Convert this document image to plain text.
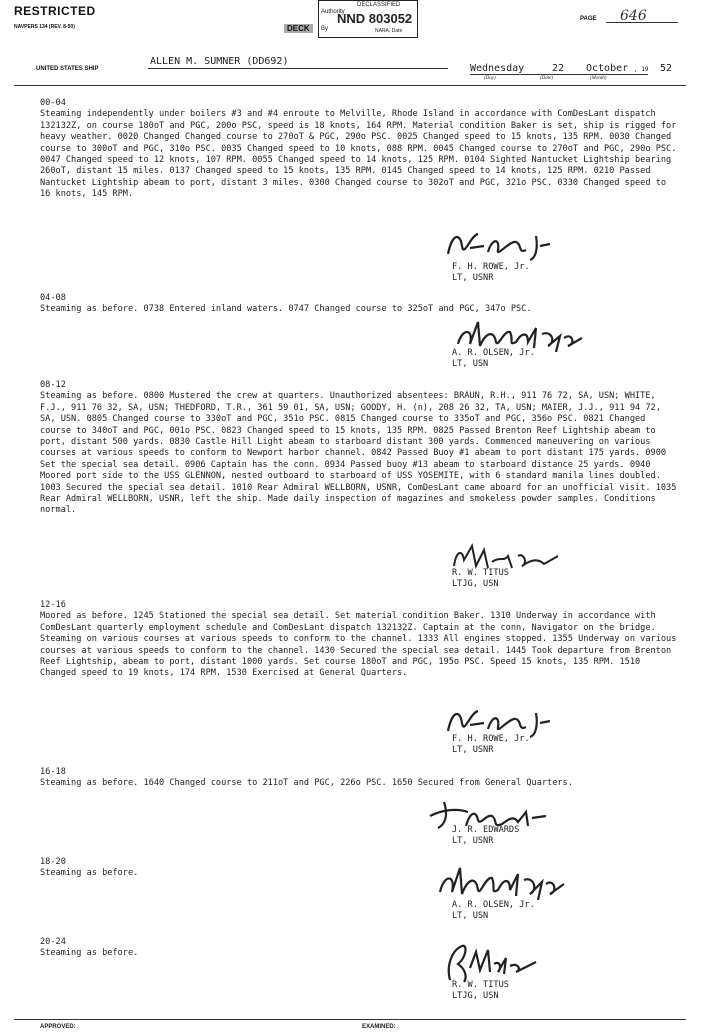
RESTRICTED
NAVPERS 134 (REV. 8-50)	DECK
DECLASSIFIED
Authority
NND 803052
By	NARA, Date
PAGE 646
UNITED STATES SHIP
ALLEN M. SUMNER (DD692)
Wednesday	22 October , 19 52
(Day)	(Date)	(Month)
00-04
Steaming independently under boilers #3 and #4 enroute to Melville, Rhode Island in accordance with ComDesLant dispatch 132132Z, on course 180oT and PGC, 200o PSC, speed is 18 knots, 164 RPM. Material condition Baker is set, ship is rigged for heavy weather. 0020 Changed Changed course to 270oT & PGC, 290o PSC. 0025 Changed speed to 15 knots, 135 RPM. 0030 Changed course to 300oT and PGC, 310o PSC. 0035 Changed speed to 10 knots, 088 RPM. 0045 Changed course to 270oT and PGC, 290o PSC. 0047 Changed speed to 12 knots, 107 RPM. 0055 Changed speed to 14 knots, 125 RPM. 0104 Sighted Nantucket Lightship bearing 260oT, distant 15 miles. 0137 Changed speed to 15 knots, 135 RPM. 0145 Changed speed to 14 knots, 125 RPM. 0210 Passed Nantucket Lightship abeam to port, distant 3 miles. 0300 Changed course to 302oT and PGC, 321o PSC. 0330 Changed speed to 16 knots, 145 RPM.
04-08
Steaming as before. 0738 Entered inland waters. 0747 Changed course to 325oT and PGC, 347o PSC.
08-12
Steaming as before. 0800 Mustered the crew at quarters. Unauthorized absentees: BRAUN, R.H., 911 76 72, SA, USN; WHITE, F.J., 911 76 32, SA, USN; THEDFORD, T.R., 361 59 01, SA, USN; GOODY, H. (n), 208 26 32, TA, USN; MAIER, J.J., 911 94 72, SA, USN. 0805 Changed course to 330oT and PGC, 351o PSC. 0815 Changed course to 335oT and PGC, 356o PSC. 0821 Changed course to 340oT and PGC, 001o PSC. 0823 Changed speed to 15 knots, 135 RPM. 0825 Passed Brenton Reef Lightship abeam to port, distant 500 yards. 0830 Castle Hill Light abeam to starboard distant 300 yards. Commenced maneuvering on various courses at various speeds to conform to Newport harbor channel. 0842 Passed Buoy #1 abeam to port distant 175 yards. 0900 Set the special sea detail. 0906 Captain has the conn. 0934 Passed buoy #13 abeam to starboard distance 25 yards. 0940 Moored port side to the USS GLENNON, nested outboard to starboard of USS YOSEMITE, with 6 standard manila lines doubled. 1003 Secured the special sea detail. 1010 Rear Admiral WELLBORN, USNR, ComDesLant came aboard for an unofficial visit. 1035 Rear Admiral WELLBORN, USNR, left the ship. Made daily inspection of magazines and smokeless powder samples. Conditions normal.
12-16
Moored as before. 1245 Stationed the special sea detail. Set material condition Baker. 1310 Underway in accordance with ComDesLant quarterly employment schedule and ComDesLant dispatch 132132Z. Captain at the conn, Navigator on the bridge. Steaming on various courses at various speeds to conform to the channel. 1333 All engines stopped. 1355 Underway on various courses at various speeds to conform to the channel. 1430 Secured the special sea detail. 1445 Took departure from Brenton Reef Lightship, abeam to port, distant 1000 yards. Set course 180oT and PGC, 195o PSC. Speed 15 knots, 135 RPM. 1510 Changed speed to 19 knots, 174 RPM. 1530 Exercised at General Quarters.
16-18
Steaming as before. 1640 Changed course to 211oT and PGC, 226o PSC. 1650 Secured from General Quarters.
18-20
Steaming as before.
20-24
Steaming as before.
F. H. ROWE, Jr.
LT, USNR
A. R. OLSEN, Jr.
LT, USN
R. W. TITUS
LTJG, USN
F. H. ROWE, Jr.
LT, USNR
J. R. EDWARDS
LT, USNR
A. R. OLSEN, Jr.
LT, USN
R. W. TITUS
LTJG, USN
APPROVED:	EXAMINED:
